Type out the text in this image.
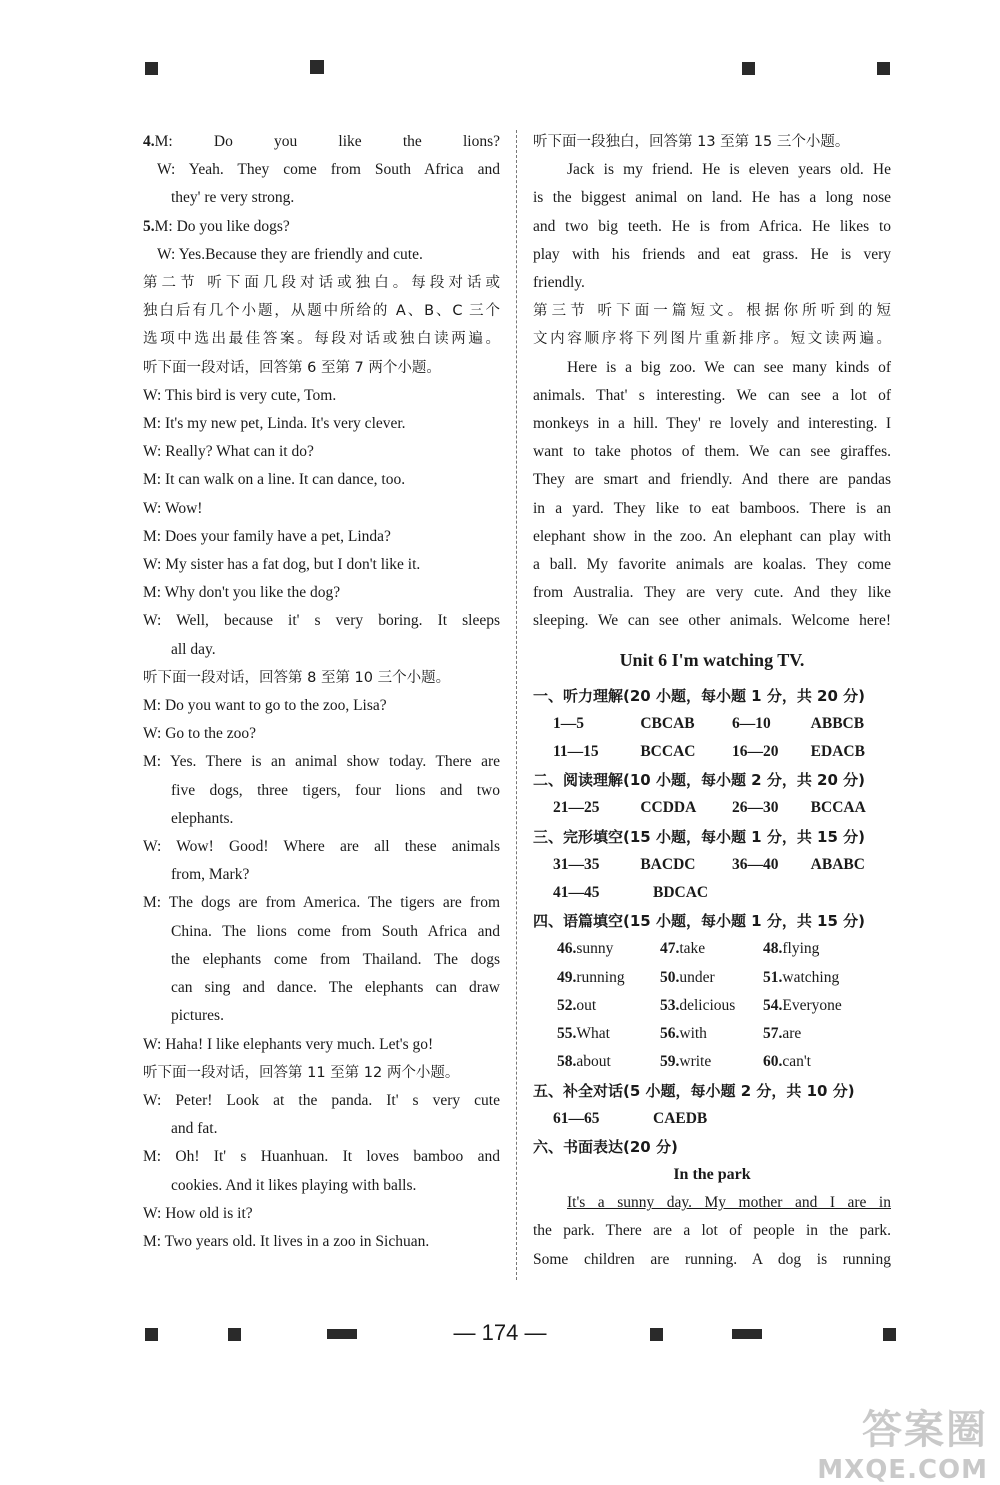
4.M: Do you like the lions?
W: Yeah. They come from South Africa and
they' re very strong.
5.M: Do you like dogs?
W: Yes.Because they are friendly and cute.
第二节 听下面几段对话或独白。每段对话或
独白后有几个小题，从题中所给的 A、B、C 三个
选项中选出最佳答案。每段对话或独白读两遍。
听下面一段对话，回答第 6 至第 7 两个小题。
W: This bird is very cute, Tom.
M: It's my new pet, Linda. It's very clever.
W: Really? What can it do?
M: It can walk on a line. It can dance, too.
W: Wow!
M: Does your family have a pet, Linda?
W: My sister has a fat dog, but I don't like it.
M: Why don't you like the dog?
W: Well, because it' s very boring. It sleeps
all day.
听下面一段对话，回答第 8 至第 10 三个小题。
M: Do you want to go to the zoo, Lisa?
W: Go to the zoo?
M: Yes. There is an animal show today. There are
five dogs, three tigers, four lions and two
elephants.
W: Wow! Good! Where are all these animals
from, Mark?
M: The dogs are from America. The tigers are from
China. The lions come from South Africa and
the elephants come from Thailand. The dogs
can sing and dance. The elephants can draw
pictures.
W: Haha! I like elephants very much. Let's go!
听下面一段对话，回答第 11 至第 12 两个小题。
W: Peter! Look at the panda. It' s very cute
and fat.
M: Oh! It' s Huanhuan. It loves bamboo and
cookies. And it likes playing with balls.
W: How old is it?
M: Two years old. It lives in a zoo in Sichuan.
听下面一段独白，回答第 13 至第 15 三个小题。
Jack is my friend. He is eleven years old. He
is the biggest animal on land. He has a long nose
and two big teeth. He is from Africa. He likes to
play with his friends and eat grass. He is very
friendly.
第三节 听下面一篇短文。根据你所听到的短
文内容顺序将下列图片重新排序。短文读两遍。
Here is a big zoo. We can see many kinds of
animals. That' s interesting. We can see a lot of
monkeys in a hill. They' re lovely and interesting. I
want to take photos of them. We can see giraffes.
They are smart and friendly. And there are pandas
in a yard. They like to eat bamboos. There is an
elephant show in the zoo. An elephant can play with
a ball. My favorite animals are koalas. They come
from Australia. They are very cute. And they like
sleeping. We can see other animals. Welcome here!
Unit 6 I'm watching TV.
一、听力理解(20 小题，每小题 1 分，共 20 分)
1—5	CBCAB	6—10	ABBCB
11—15	BCCAC	16—20	EDACB
二、阅读理解(10 小题，每小题 2 分，共 20 分)
21—25	CCDDA	26—30	BCCAA
三、完形填空(15 小题，每小题 1 分，共 15 分)
31—35	BACDC	36—40	ABABC
41—45	BDCAC
四、语篇填空(15 小题，每小题 1 分，共 15 分)
46.sunny	47.take	48.flying
49.running	50.under	51.watching
52.out	53.delicious	54.Everyone
55.What	56.with	57.are
58.about	59.write	60.can't
五、补全对话(5 小题，每小题 2 分，共 10 分)
61—65	CAEDB
六、书面表达(20 分)
In the park
It's a sunny day. My mother and I are in
the park. There are a lot of people in the park.
Some children are running. A dog is running
— 174 —
答案圈
MXQE.COM
